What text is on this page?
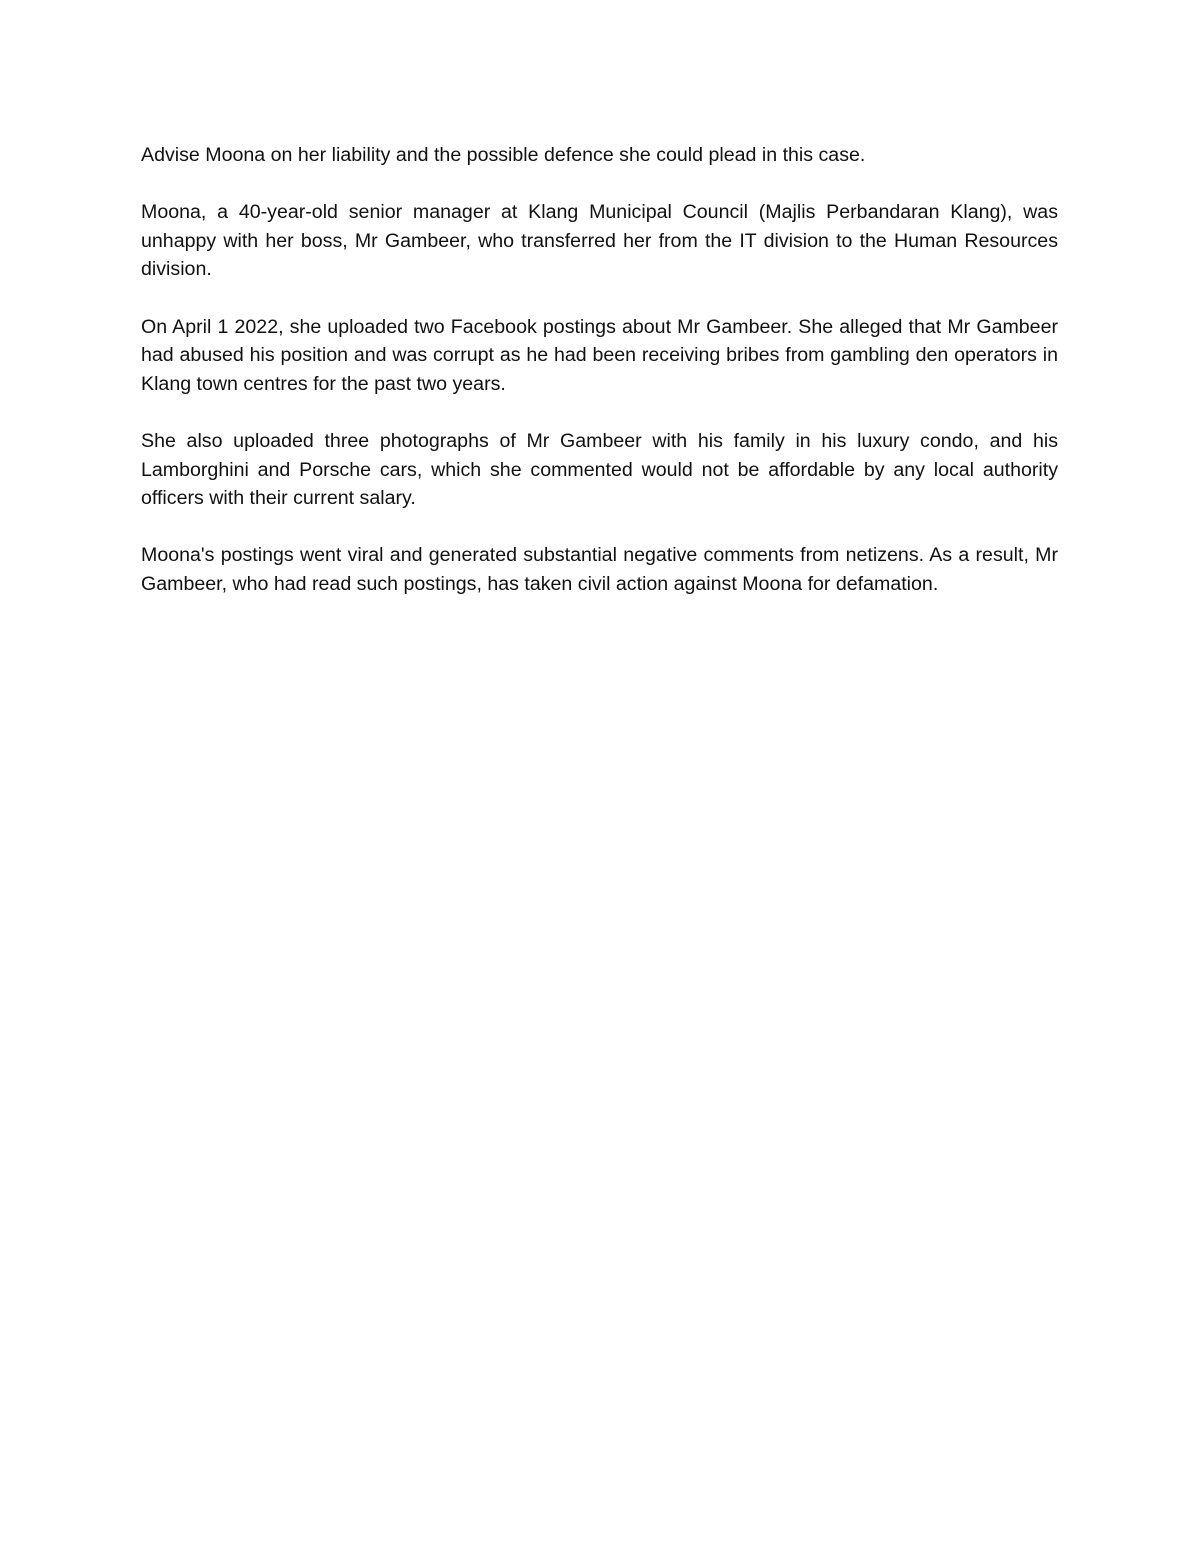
Advise Moona on her liability and the possible defence she could plead in this case.

Moona, a 40-year-old senior manager at Klang Municipal Council (Majlis Perbandaran Klang), was unhappy with her boss, Mr Gambeer, who transferred her from the IT division to the Human Resources division.

On April 1 2022, she uploaded two Facebook postings about Mr Gambeer. She alleged that Mr Gambeer had abused his position and was corrupt as he had been receiving bribes from gambling den operators in Klang town centres for the past two years.

She also uploaded three photographs of Mr Gambeer with his family in his luxury condo, and his Lamborghini and Porsche cars, which she commented would not be affordable by any local authority officers with their current salary.

Moona's postings went viral and generated substantial negative comments from netizens. As a result, Mr Gambeer, who had read such postings, has taken civil action against Moona for defamation.
